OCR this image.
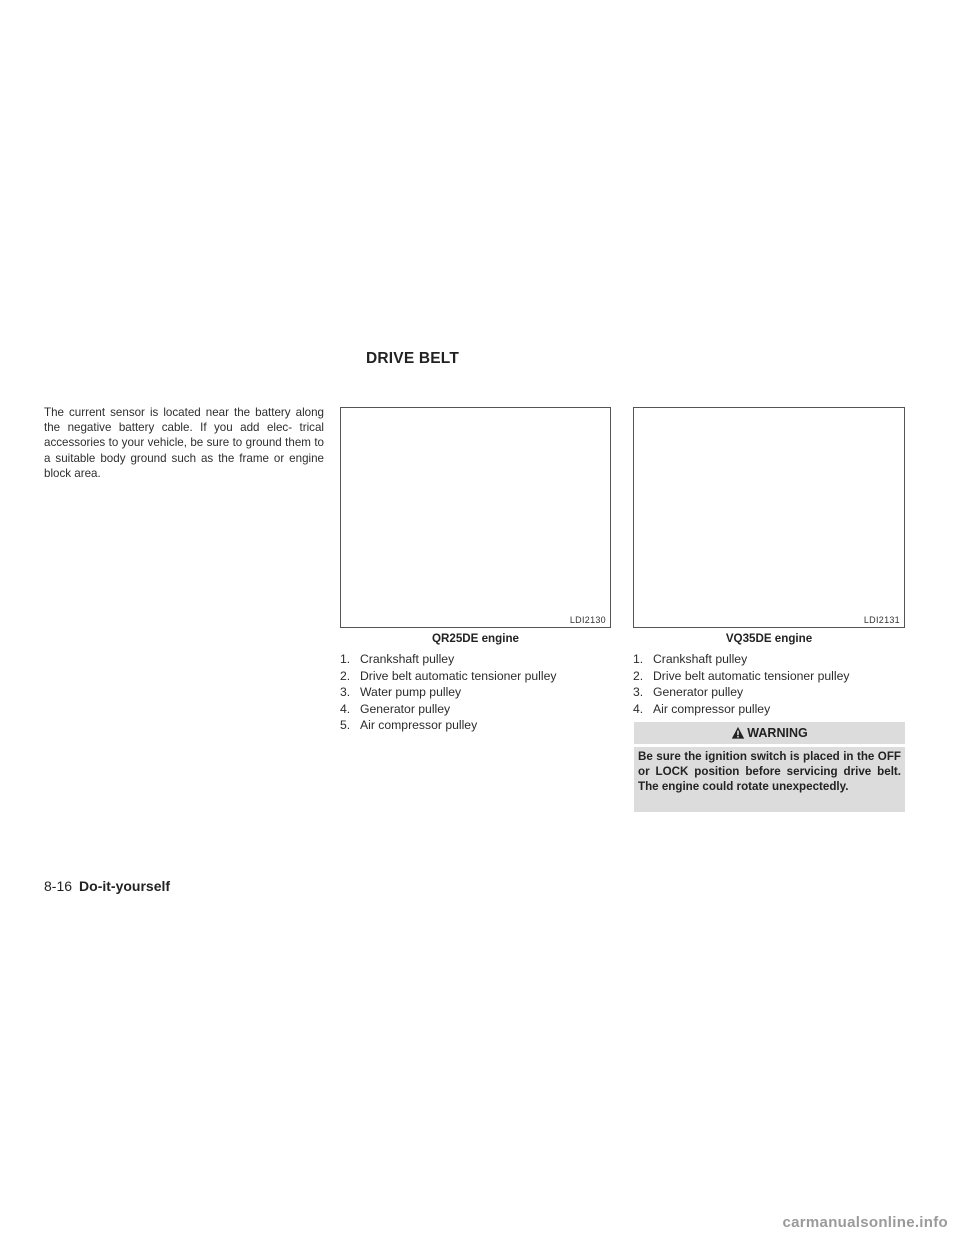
DRIVE BELT
The current sensor is located near the battery along the negative battery cable. If you add elec- trical accessories to your vehicle, be sure to ground them to a suitable body ground such as the frame or engine block area.
LDI2130
QR25DE engine
LDI2131
VQ35DE engine
1. Crankshaft pulley
2. Drive belt automatic tensioner pulley
3. Water pump pulley
4. Generator pulley
5. Air compressor pulley
1. Crankshaft pulley
2. Drive belt automatic tensioner pulley
3. Generator pulley
4. Air compressor pulley
WARNING
Be sure the ignition switch is placed in the OFF or LOCK position before servicing drive belt. The engine could rotate unexpectedly.
8-16 Do-it-yourself
carmanualsonline.info
